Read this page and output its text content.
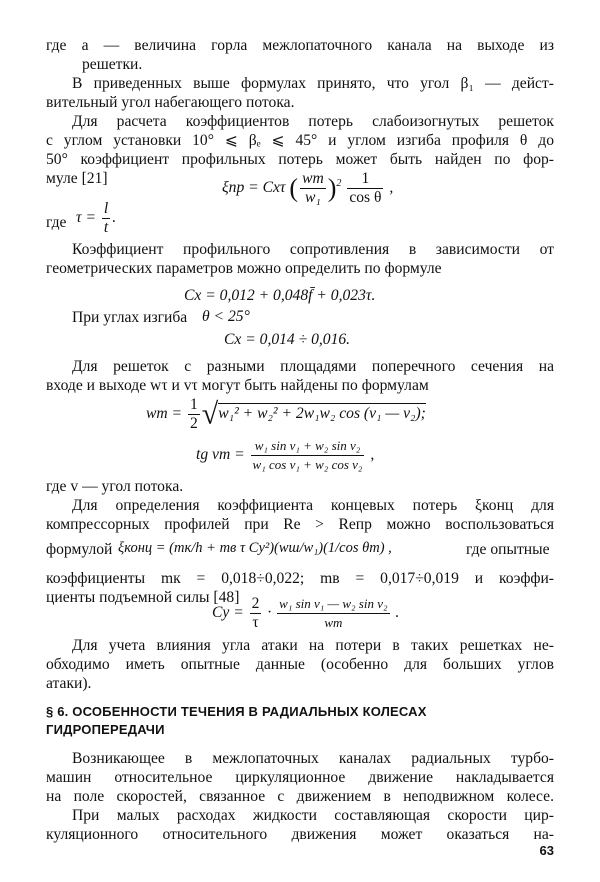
где a — величина горла межлопаточного канала на выходе из
решетки.
В приведенных выше формулах принято, что угол β₁ — дейст-
вительный угол набегающего потока.
Для расчета коэффициентов потерь слабоизогнутых решеток
с углом установки 10° ⩽ βₑ ⩽ 45° и углом изгиба профиля θ до
50° коэффициент профильных потерь может быть найден по фор-
муле [21]
ξпр = Cxτ ( $\frac{wm}{\text{w₁}} )^2 \frac{1}{\text{cos θ}}$ ,
где $\tau = \frac{l}{t}$ .
Коэффициент профильного сопротивления в зависимости от
геометрических параметров можно определить по формуле
Cx = 0,012 + 0,048f̄ + 0,023τ.
При углах изгиба θ < 25°
Cx = 0,014 ÷ 0,016.
Для решеток с разными площадями поперечного сечения на
входе и выходе wτ и vτ могут быть найдены по формулам
wm = $\frac{1}{2} √w_1^2 + w_2^2 + 2w_1w_2$ cos (v₁ — v₂);
tg vm = $\frac{\text{w₁ sin v₁ + w₂ sin v₂}}{\text{w₁ cos v₁ + w₂ cos v₂}}$ ,
где v — угол потока.
Для определения коэффициента концевых потерь ξконц для
компрессорных профилей при Re > Reпр можно воспользоваться
формулой ξконц = (mк/h + mв τ Cy²)(wш/w₁)(1/cos θm) ,	где опытные
коэффициенты mк = 0,018÷0,022; mв = 0,017÷0,019 и коэффи-
циенты подъемной силы [48]
$Cy = \frac{2}{\tau} \cdot \frac{\text{w₁ sin v₁ — w₂ sin v₂}}{wm}$ .
Для учета влияния угла атаки на потери в таких решетках не-
обходимо иметь опытные данные (особенно для больших углов
атаки).
§ 6. ОСОБЕННОСТИ ТЕЧЕНИЯ В РАДИАЛЬНЫХ КОЛЕСАХ
ГИДРОПЕРЕДАЧИ
Возникающее в межлопаточных каналах радиальных турбо-
машин относительное циркуляционное движение накладывается
на поле скоростей, связанное с движением в неподвижном колесе.
При малых расходах жидкости составляющая скорости цир-
куляционного относительного движения может оказаться на-
63
